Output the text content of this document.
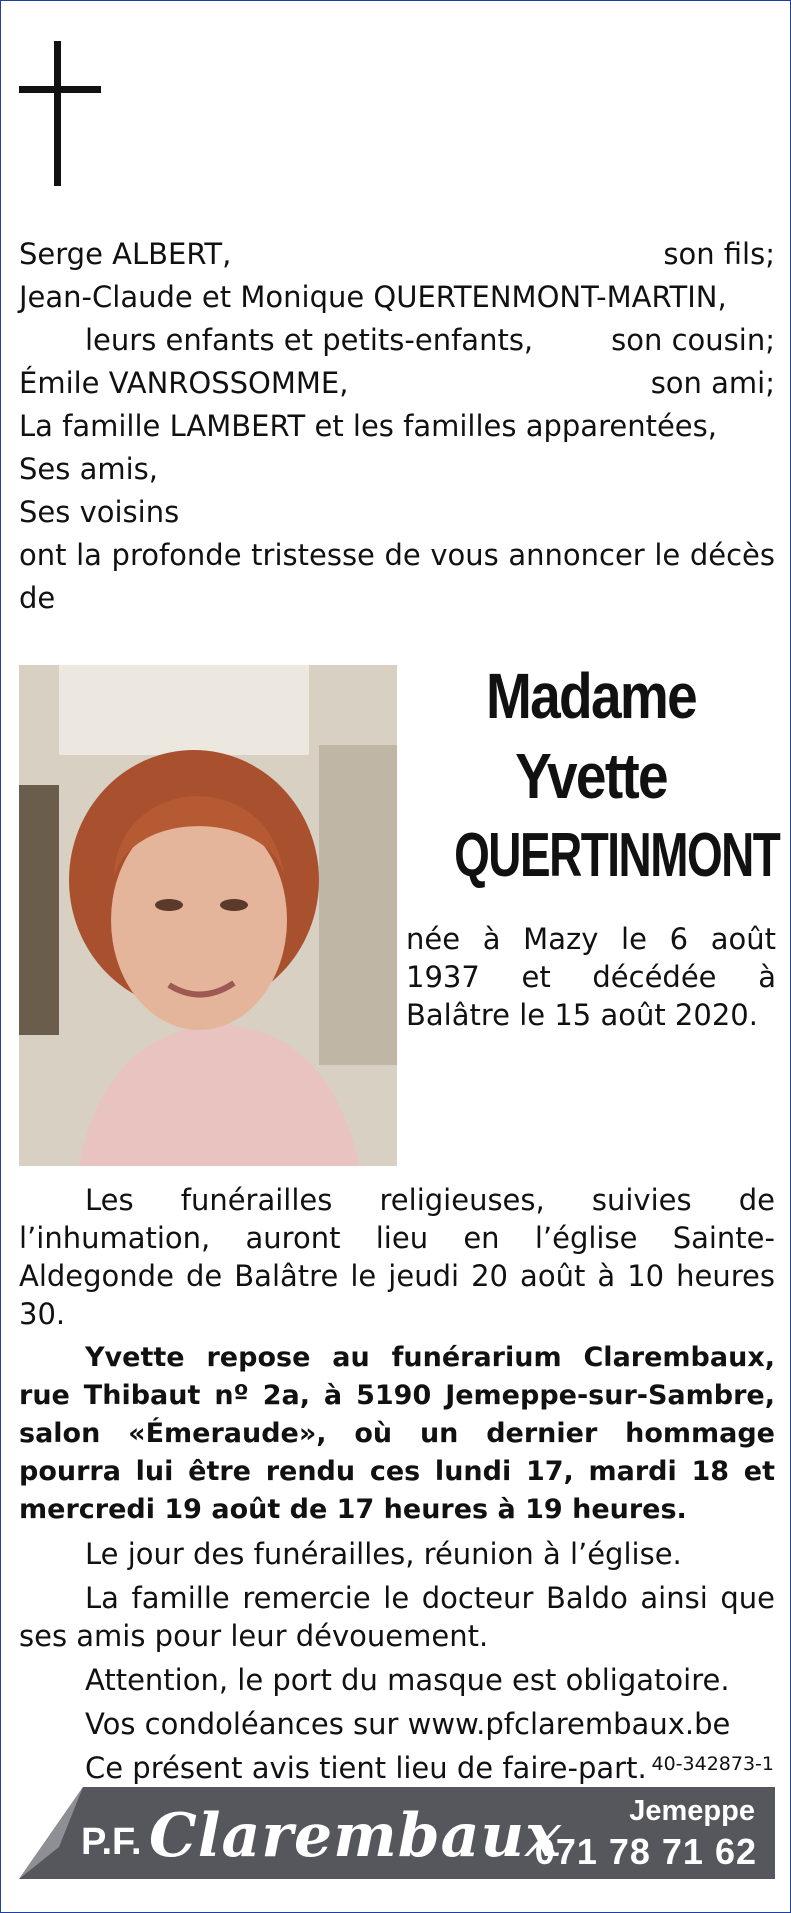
Serge ALBERT,	son fils;
Jean-Claude et Monique QUERTENMONT-MARTIN,
leurs enfants et petits-enfants,	son cousin;
Émile VANROSSOMME,	son ami;
La famille LAMBERT et les familles apparentées,
Ses amis,
Ses voisins
ont la profonde tristesse de vous annoncer le décès de
Madame
Yvette
QUERTINMONT
née à Mazy le 6 août 1937 et décédée à Balâtre le 15 août 2020.

Les funérailles religieuses, suivies de l’inhumation, auront lieu en l’église Sainte-Aldegonde de Balâtre le jeudi 20 août à 10 heures 30.

Yvette repose au funérarium Clarembaux, rue Thibaut nº 2a, à 5190 Jemeppe-sur-Sambre, salon «Émeraude», où un dernier hommage pourra lui être rendu ces lundi 17, mardi 18 et mercredi 19 août de 17 heures à 19 heures.

Le jour des funérailles, réunion à l’église.

La famille remercie le docteur Baldo ainsi que ses amis pour leur dévouement.

Attention, le port du masque est obligatoire.

Vos condoléances sur www.pfclarembaux.be

Ce présent avis tient lieu de faire-part. 40-342873-1
P.F. Clarembaux Jemeppe
071 78 71 62
